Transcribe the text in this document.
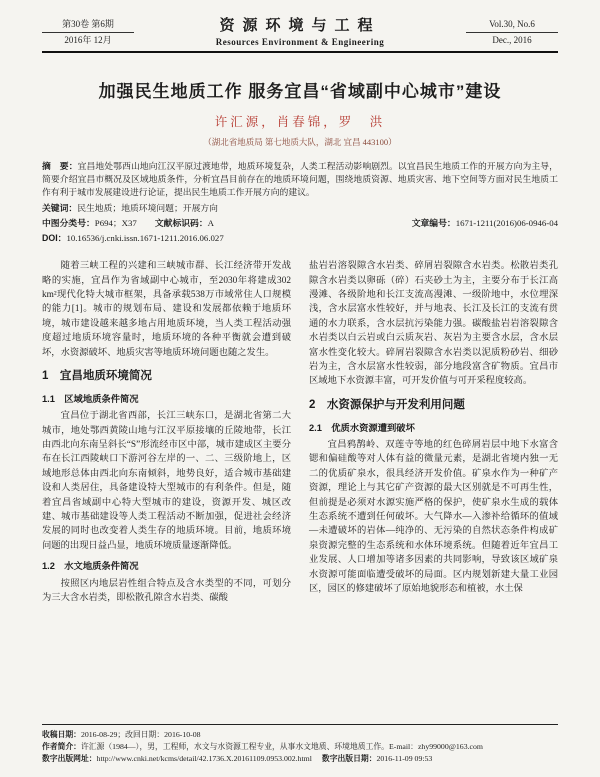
第30卷 第6期
2016年 12月
资源环境与工程
Resources Environment & Engineering
Vol.30, No.6
Dec., 2016
加强民生地质工作 服务宜昌“省域副中心城市”建设
许汇源，肖春锦，罗　洪
（湖北省地质局 第七地质大队，湖北 宜昌 443100）

摘　要：宜昌地处鄂西山地向江汉平原过渡地带，地质环境复杂，人类工程活动影响剧烈。以宜昌民生地质工作的开展方向为主导，简要介绍宜昌市概况及区域地质条件，分析宜昌目前存在的地质环境问题，围绕地质资源、地质灾害、地下空间等方面对民生地质工作有利于城市发展建设进行论证，提出民生地质工作开展方向的建议。

关键词：民生地质；地质环境问题；开展方向

中图分类号：P694；X37 文献标识码：A	文章编号：1671-1211(2016)06-0946-04

DOI：10.16536/j.cnki.issn.1671-1211.2016.06.027

随着三峡工程的兴建和三峡城市群、长江经济带开发战略的实施，宜昌作为省域副中心城市，至2030年将建成302 km²现代化特大城市框架，具备承载538万市域常住人口规模的能力[1]。城市的规划布局、建设和发展都依赖于地质环境，城市建设越来越多地占用地质环境，当人类工程活动强度超过地质环境容量时，地质环境的各种平衡就会遭到破坏，水资源破坏、地质灾害等地质环境问题也随之发生。

1　宜昌地质环境简况
1.1　区域地质条件简况

宜昌位于湖北省西部，长江三峡东口，是湖北省第二大城市，地处鄂西黄陵山地与江汉平原接壤的丘陵地带，长江由西北向东南呈斜长“S”形流经市区中部，城市建成区主要分布在长江西陵峡口下游河谷左岸的一、二、三级阶地上，区域地形总体由西北向东南倾斜，地势良好，适合城市基础建设和人类居住，具备建设特大型城市的有利条件。但是，随着宜昌省域副中心特大型城市的建设，资源开发、城区改建、城市基础建设等人类工程活动不断加强，促进社会经济发展的同时也改变着人类生存的地质环境。目前，地质环境问题的出现日益凸显，地质环境质量逐渐降低。

1.2　水文地质条件简况

按照区内地层岩性组合特点及含水类型的不同，可划分为三大含水岩类，即松散孔隙含水岩类、碳酸

盐岩岩溶裂隙含水岩类、碎屑岩裂隙含水岩类。松散岩类孔隙含水岩类以卵砾（碎）石夹砂土为主，主要分布于长江高漫滩、各级阶地和长江支流高漫滩、一级阶地中，水位埋深浅，含水层富水性较好，并与地表、长江及长江的支流有贯通的水力联系，含水层抗污染能力强。碳酸盐岩岩溶裂隙含水岩类以白云岩或白云质灰岩、灰岩为主要含水层，含水层富水性变化较大。碎屑岩裂隙含水岩类以泥质粉砂岩、细砂岩为主，含水层富水性较弱，部分地段富含矿物质。宜昌市区域地下水资源丰富，可开发价值与可开采程度较高。

2　水资源保护与开发利用问题
2.1　优质水资源遭到破坏

宜昌鸦鹊岭、双莲寺等地的红色碎屑岩层中地下水富含锶和偏硅酸等对人体有益的微量元素，是湖北省境内独一无二的优质矿泉水，很具经济开发价值。矿泉水作为一种矿产资源，理论上与其它矿产资源的最大区别就是不可再生性，但前提是必须对水源实施严格的保护，使矿泉水生成的载体生态系统不遭到任何破坏。大气降水—入渗补给循环的值域—未遭破坏的岩体—纯净的、无污染的自然状态条件构成矿泉资源完整的生态系统和水体环境系统。但随着近年宜昌工业发展、人口增加等诸多因素的共同影响，导致该区域矿泉水资源可能面临遭受破坏的局面。区内规划新建大量工业园区，园区的修建破坏了原始地貌形态和植被，水土保

收稿日期：2016-08-29；改回日期：2016-10-08

作者简介：许汇源（1984—），男，工程师，水文与水资源工程专业，从事水文地质、环境地质工作。E-mail：zhy99000@163.com

数字出版网址：http://www.cnki.net/kcms/detail/42.1736.X.20161109.0953.002.html 数字出版日期：2016-11-09 09:53
